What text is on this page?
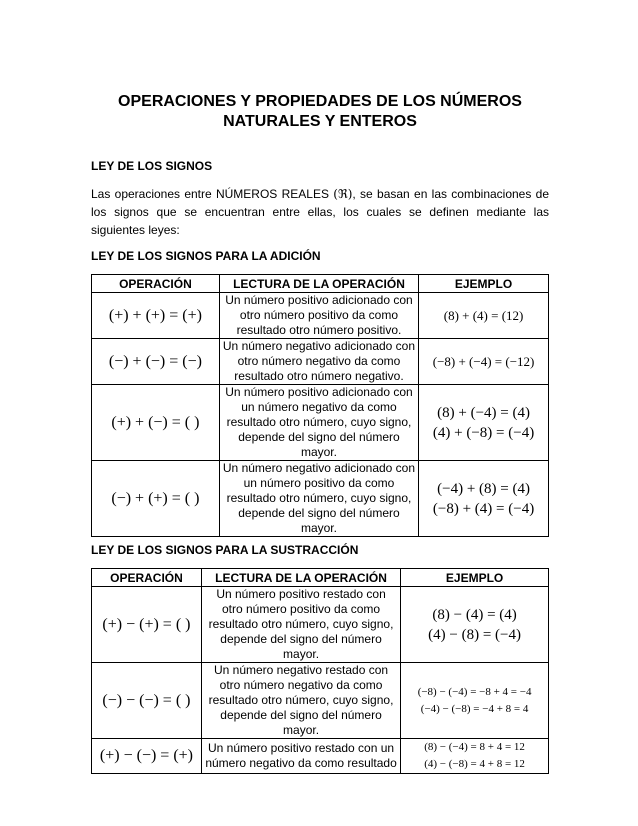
OPERACIONES Y PROPIEDADES DE LOS NÚMEROS
NATURALES Y ENTEROS
LEY DE LOS SIGNOS
Las operaciones entre NÚMEROS REALES (ℜ), se basan en las combinaciones de los signos que se encuentran entre ellas, los cuales se definen mediante las siguientes leyes:
LEY DE LOS SIGNOS PARA LA ADICIÓN
OPERACIÓN	LECTURA DE LA OPERACIÓN	EJEMPLO
(+) + (+) = (+)	Un número positivo adicionado con otro número positivo da como resultado otro número positivo.	(8) + (4) = (12)

(−) + (−) = (−)	Un número negativo adicionado con otro número negativo da como resultado otro número negativo.	(−8) + (−4) = (−12)

(+) + (−) = ( )	Un número positivo adicionado con un número negativo da como resultado otro número, cuyo signo, depende del signo del número mayor.	(8) + (−4) = (4)
(4) + (−8) = (−4)

(−) + (+) = ( )	Un número negativo adicionado con un número positivo da como resultado otro número, cuyo signo, depende del signo del número mayor.	(−4) + (8) = (4)
(−8) + (4) = (−4)
LEY DE LOS SIGNOS PARA LA SUSTRACCIÓN
OPERACIÓN	LECTURA DE LA OPERACIÓN	EJEMPLO
(+) − (+) = ( )	Un número positivo restado con otro número positivo da como resultado otro número, cuyo signo, depende del signo del número mayor.	(8) − (4) = (4)
(4) − (8) = (−4)

(−) − (−) = ( )	Un número negativo restado con otro número negativo da como resultado otro número, cuyo signo, depende del signo del número mayor.	(−8) − (−4) = −8 + 4 = −4
(−4) − (−8) = −4 + 8 = 4

(+) − (−) = (+)	Un número positivo restado con un número negativo da como resultado	(8) − (−4) = 8 + 4 = 12
(4) − (−8) = 4 + 8 = 12
